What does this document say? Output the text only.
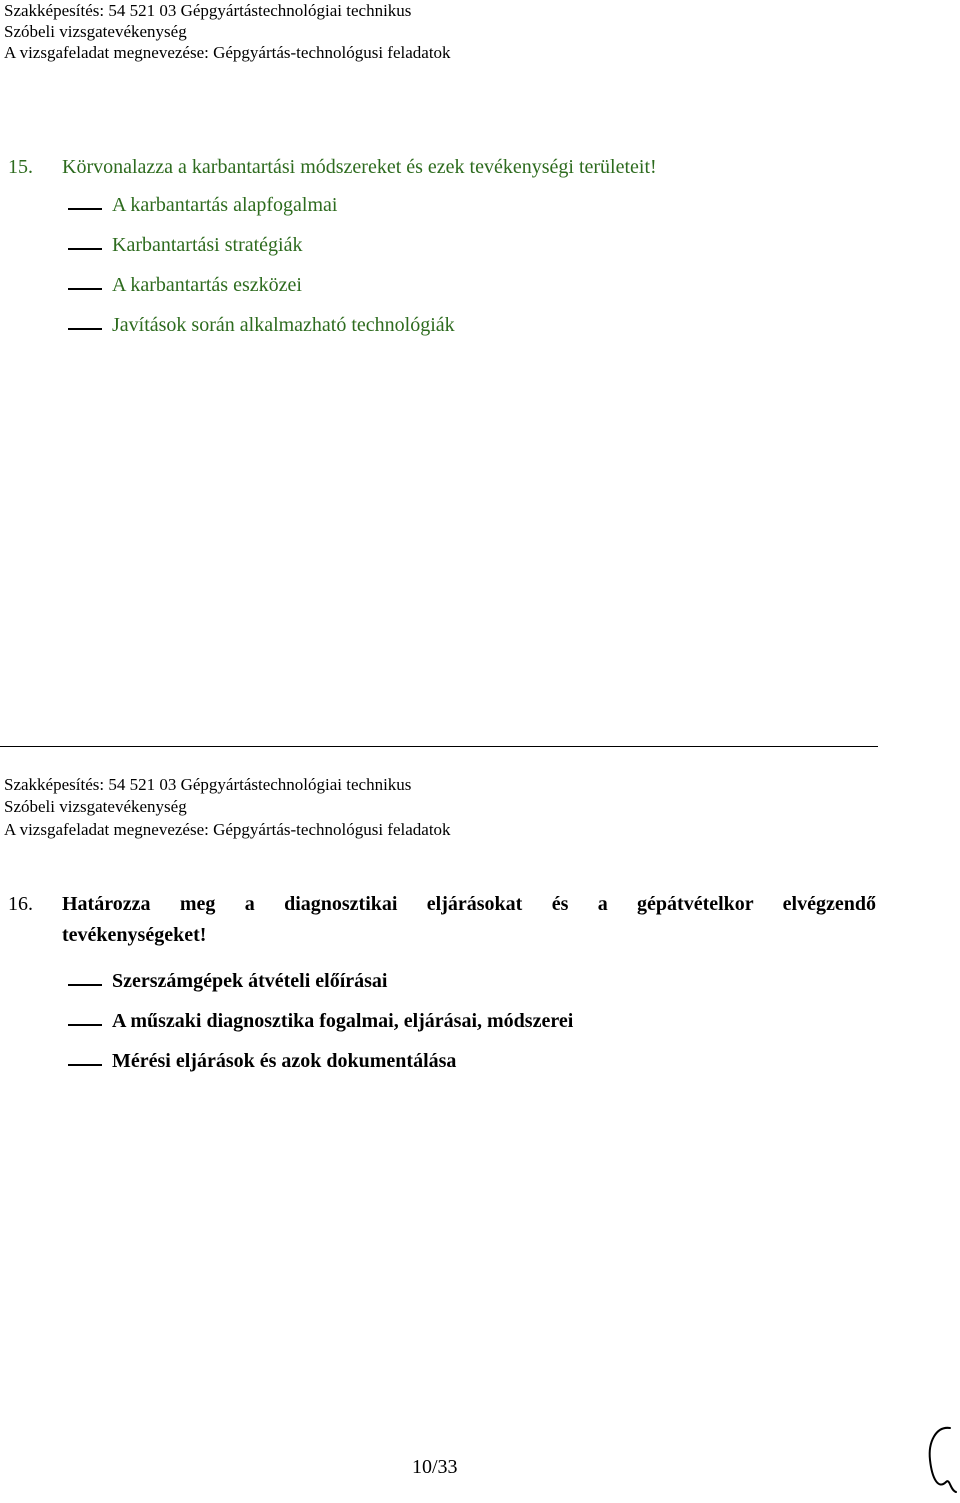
Szakképesítés: 54 521 03 Gépgyártástechnológiai technikus
Szóbeli vizsgatevékenység
A vizsgafeladat megnevezése: Gépgyártás-technológusi feladatok
15. Körvonalazza a karbantartási módszereket és ezek tevékenységi területeit!
A karbantartás alapfogalmai
Karbantartási stratégiák
A karbantartás eszközei
Javítások során alkalmazható technológiák
Szakképesítés: 54 521 03 Gépgyártástechnológiai technikus
Szóbeli vizsgatevékenység
A vizsgafeladat megnevezése: Gépgyártás-technológusi feladatok
16.	Határozza meg a diagnosztikai eljárásokat és a gépátvételkor elvégzendő
tevékenységeket!
Szerszámgépek átvételi előírásai
A műszaki diagnosztika fogalmai, eljárásai, módszerei
Mérési eljárások és azok dokumentálása
10/33
